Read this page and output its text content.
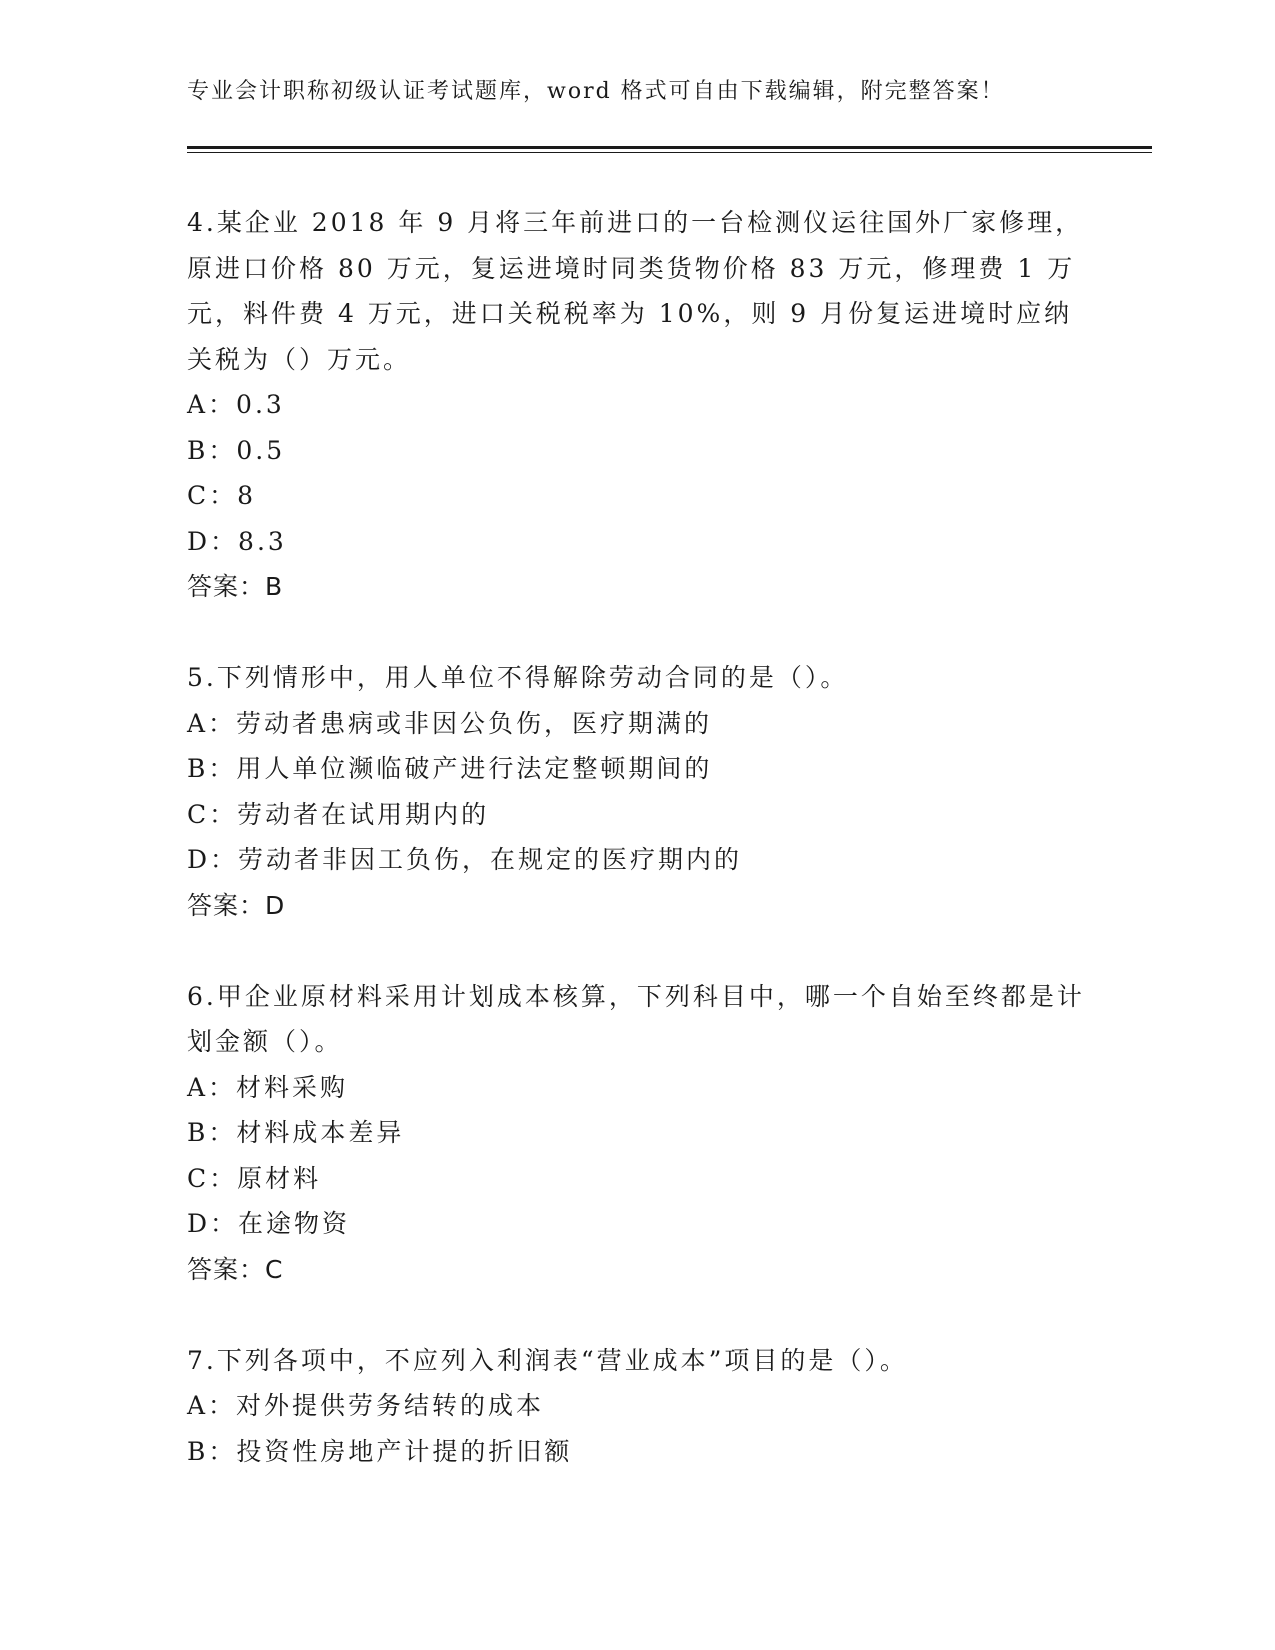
专业会计职称初级认证考试题库，word 格式可自由下载编辑，附完整答案！

4.某企业 2018 年 9 月将三年前进口的一台检测仪运往国外厂家修理，原进口价格 80 万元，复运进境时同类货物价格 83 万元，修理费 1 万元，料件费 4 万元，进口关税税率为 10%，则 9 月份复运进境时应纳关税为（）万元。

A：0.3

B：0.5

C：8

D：8.3

答案：B

5.下列情形中，用人单位不得解除劳动合同的是（）。

A：劳动者患病或非因公负伤，医疗期满的

B：用人单位濒临破产进行法定整顿期间的

C：劳动者在试用期内的

D：劳动者非因工负伤，在规定的医疗期内的

答案：D

6.甲企业原材料采用计划成本核算，下列科目中，哪一个自始至终都是计划金额（）。

A：材料采购

B：材料成本差异

C：原材料

D：在途物资

答案：C

7.下列各项中，不应列入利润表“营业成本”项目的是（）。

A：对外提供劳务结转的成本

B：投资性房地产计提的折旧额
